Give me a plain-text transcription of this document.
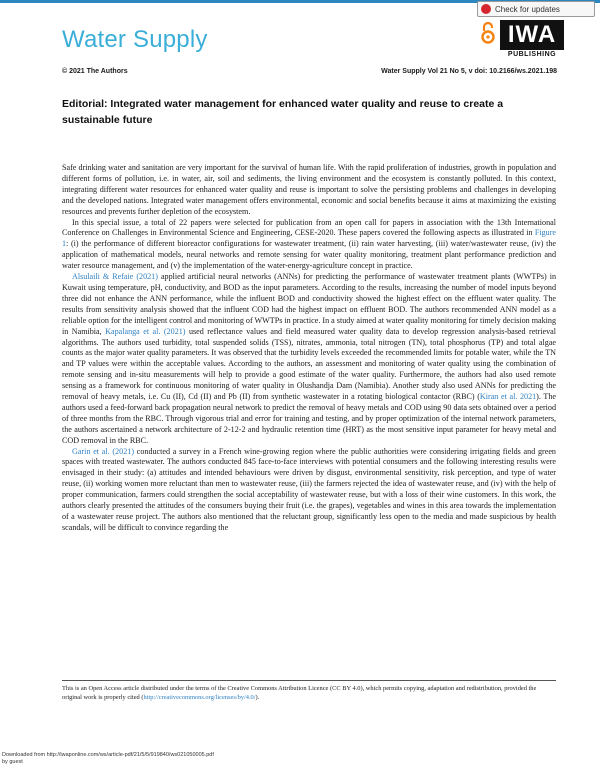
Water Supply
Check for updates
IWA
PUBLISHING
© 2021 The Authors	Water Supply Vol 21 No 5, v doi: 10.2166/ws.2021.198
Editorial: Integrated water management for enhanced water quality and reuse to create a sustainable future

Safe drinking water and sanitation are very important for the survival of human life. With the rapid proliferation of industries, growth in population and different forms of pollution, i.e. in water, air, soil and sediments, the living environment and the ecosystem is constantly polluted. In this context, integrating different water resources for enhanced water quality and reuse is important to solve the persisting problems and challenges in developing and the developed nations. Integrated water management offers environmental, economic and social benefits because it aims at maximizing the existing resources and prevents further depletion of the ecosystem.

In this special issue, a total of 22 papers were selected for publication from an open call for papers in association with the 13th International Conference on Challenges in Environmental Science and Engineering, CESE-2020. These papers covered the following aspects as illustrated in Figure 1: (i) the performance of different bioreactor configurations for wastewater treatment, (ii) rain water harvesting, (iii) water/wastewater reuse, (iv) the application of mathematical models, neural networks and remote sensing for water quality monitoring, treatment plant performance prediction and water resource management, and (v) the implementation of the water-energy-agriculture concept in practice.

Alsulaili & Refaie (2021) applied artificial neural networks (ANNs) for predicting the performance of wastewater treatment plants (WWTPs) in Kuwait using temperature, pH, conductivity, and BOD as the input parameters. According to the results, increasing the number of model inputs beyond three did not enhance the ANN performance, while the influent BOD and conductivity showed the highest effect on the effluent water quality. The results from sensitivity analysis showed that the influent COD had the highest impact on effluent BOD. The authors recommended ANN model as a reliable option for the intelligent control and monitoring of WWTPs in practice. In a study aimed at water quality monitoring for timely decision making in Namibia, Kapalanga et al. (2021) used reflectance values and field measured water quality data to develop regression analysis-based retrieval algorithms. The authors used turbidity, total suspended solids (TSS), nitrates, ammonia, total nitrogen (TN), total phosphorus (TP) and total algae counts as the major water quality parameters. It was observed that the turbidity levels exceeded the recommended limits for potable water, while the TN and TP values were within the acceptable values. According to the authors, an assessment and monitoring of water quality using the combination of remote sensing and in-situ measurements will help to provide a good estimate of the water quality. Furthermore, the authors had also used remote sensing as a framework for continuous monitoring of water quality in Olushandja Dam (Namibia). Another study also used ANNs for predicting the removal of heavy metals, i.e. Cu (II), Cd (II) and Pb (II) from synthetic wastewater in a rotating biological contactor (RBC) (Kiran et al. 2021). The authors used a feed-forward back propagation neural network to predict the removal of heavy metals and COD using 90 data sets obtained over a period of three months from the RBC. Through vigorous trial and error for training and testing, and by proper optimization of the internal network parameters, the authors ascertained a network architecture of 2-12-2 and hydraulic retention time (HRT) as the most sensitive input parameter for heavy metal and COD removal in the RBC.

Garin et al. (2021) conducted a survey in a French wine-growing region where the public authorities were considering irrigating fields and green spaces with treated wastewater. The authors conducted 845 face-to-face interviews with potential consumers and the following interesting results were envisaged in their study: (a) attitudes and intended behaviours were driven by disgust, environmental sensitivity, risk perception, and type of water reuse, (ii) working women more reluctant than men to wastewater reuse, (iii) the farmers rejected the idea of wastewater reuse, and (iv) with the help of proper communication, farmers could strengthen the social acceptability of wastewater reuse, but with a loss of their wine customers. In this work, the authors clearly presented the attitudes of the consumers buying their fruit (i.e. the grapes), vegetables and wines in this area towards the implementation of a wastewater reuse project. The authors also mentioned that the reluctant group, significantly less open to the media and made suspicious by health scandals, will be difficult to convince regarding the

This is an Open Access article distributed under the terms of the Creative Commons Attribution Licence (CC BY 4.0), which permits copying, adaptation and redistribution, provided the original work is properly cited (http://creativecommons.org/licenses/by/4.0/).
Downloaded from http://iwaponline.com/ws/article-pdf/21/5/5/919840/ws021050005.pdf
by guest
